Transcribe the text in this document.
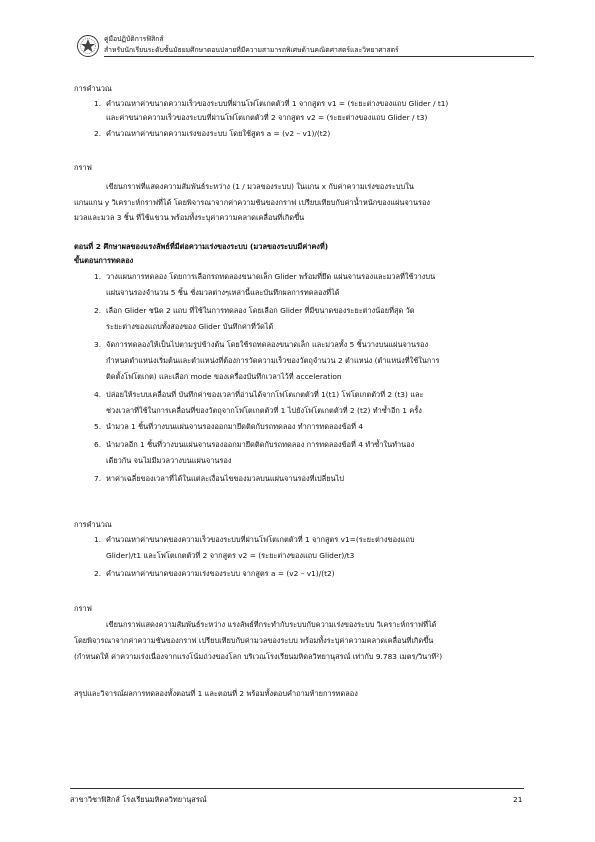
คู่มือปฏิบัติการฟิสิกส์
สำหรับนักเรียนระดับชั้นมัธยมศึกษาตอนปลายที่มีความสามารถพิเศษด้านคณิตศาสตร์และวิทยาศาสตร์
การคำนวณ
1. คำนวณหาค่าขนาดความเร็วของระบบที่ผ่านโฟโตเกตตัวที่ 1 จากสูตร v1 = (ระยะต่างของแถบ Glider / t1)
และค่าขนาดความเร็วของระบบที่ผ่านโฟโตเกตตัวที่ 2 จากสูตร v2 = (ระยะต่างของแถบ Glider / t3)
2. คำนวณหาค่าขนาดความเร่งของระบบ โดยใช้สูตร a = (v2 – v1)/(t2)
กราฟ
เขียนกราฟที่แสดงความสัมพันธ์ระหว่าง (1 / มวลของระบบ) ในแกน x กับค่าความเร่งของระบบใน
แกนแกน y วิเคราะห์กราฟที่ได้ โดยพิจารณาจากค่าความชันของกราฟ เปรียบเทียบกับค่าน้ำหนักของแผ่นจานรอง
มวลและมวล 3 ชิ้น ที่ใช้แขวน พร้อมทั้งระบุค่าความคลาดเคลื่อนที่เกิดขึ้น
ตอนที่ 2 ศึกษาผลของแรงลัพธ์ที่มีต่อความเร่งของระบบ (มวลของระบบมีค่าคงที่)
ขั้นตอนการทดลอง
1. วางแผนการทดลอง โดยการเลือกรถทดลองขนาดเล็ก Glider พร้อมที่ยึด แผ่นจานรองและมวลที่ใช้วางบน
แผ่นจานรองจำนวน 5 ชิ้น ชั่งมวลต่างๆเหล่านี้และบันทึกผลการทดลองที่ได้
2. เลือก Glider ชนิด 2 แถบ ที่ใช้ในการทดลอง โดยเลือก Glider ที่มีขนาดของระยะต่างน้อยที่สุด วัด
ระยะต่างของแถบทั้งสองของ Glider บันทึกค่าที่วัดได้
3. จัดการทดลองให้เป็นไปตามรูปข้างต้น โดยใช้รถทดลองขนาดเล็ก และมวลทั้ง 5 ชิ้นวางบนแผ่นจานรอง
กำหนดตำแหน่งเริ่มต้นและตำแหน่งที่ต้องการวัดความเร็วของวัตถุจำนวน 2 ตำแหน่ง (ตำแหน่งที่ใช้ในการ
ติดตั้งโฟโตเกต) และเลือก mode ของเครื่องบันทึกเวลาไว้ที่ acceleration
4. ปล่อยให้ระบบเคลื่อนที่ บันทึกค่าของเวลาที่อ่านได้จากโฟโตเกตตัวที่ 1(t1) โฟโตเกตตัวที่ 2 (t3) และ
ช่วงเวลาที่ใช้ในการเคลื่อนที่ของวัตถุจากโฟโตเกตตัวที่ 1 ไปยังโฟโตเกตตัวที่ 2 (t2) ทำซ้ำอีก 1 ครั้ง
5. นำมวล 1 ชิ้นที่วางบนแผ่นจานรองออกมายึดติดกับรถทดลอง ทำการทดลองข้อที่ 4
6. นำมวลอีก 1 ชิ้นที่วางบนแผ่นจานรองออกมายึดติดกับรถทดลอง การทดลองข้อที่ 4 ทำซ้ำในทำนอง
เดียวกัน จนไม่มีมวลวางบนแผ่นจานรอง
7. หาค่าเฉลี่ยของเวลาที่ได้ในแต่ละเงื่อนไขของมวลบนแผ่นจานรองที่เปลี่ยนไป
การคำนวณ
1. คำนวณหาค่าขนาดของความเร็วของระบบที่ผ่านโฟโตเกตตัวที่ 1 จากสูตร v1=(ระยะต่างของแถบ
Glider)/t1 และโฟโตเกตตัวที่ 2 จากสูตร v2 = (ระยะต่างของแถบ Glider)/t3
2. คำนวณหาค่าขนาดของความเร่งของระบบ จากสูตร a = (v2 – v1)/(t2)
กราฟ
เขียนกราฟแสดงความสัมพันธ์ระหว่าง แรงลัพธ์ที่กระทำกับระบบกับความเร่งของระบบ วิเคราะห์กราฟที่ได้
โดยพิจารณาจากค่าความชันของกราฟ เปรียบเทียบกับค่ามวลของระบบ พร้อมทั้งระบุค่าความคลาดเคลื่อนที่เกิดขึ้น
(กำหนดให้ ค่าความเร่งเนื่องจากแรงโน้มถ่วงของโลก บริเวณโรงเรียนมหิดลวิทยานุสรณ์ เท่ากับ 9.783 เมตร/วินาที²)
สรุปและวิจารณ์ผลการทดลองทั้งตอนที่ 1 และตอนที่ 2 พร้อมทั้งตอบคำถามท้ายการทดลอง
สาขาวิชาฟิสิกส์ โรงเรียนมหิดลวิทยานุสรณ์	21
